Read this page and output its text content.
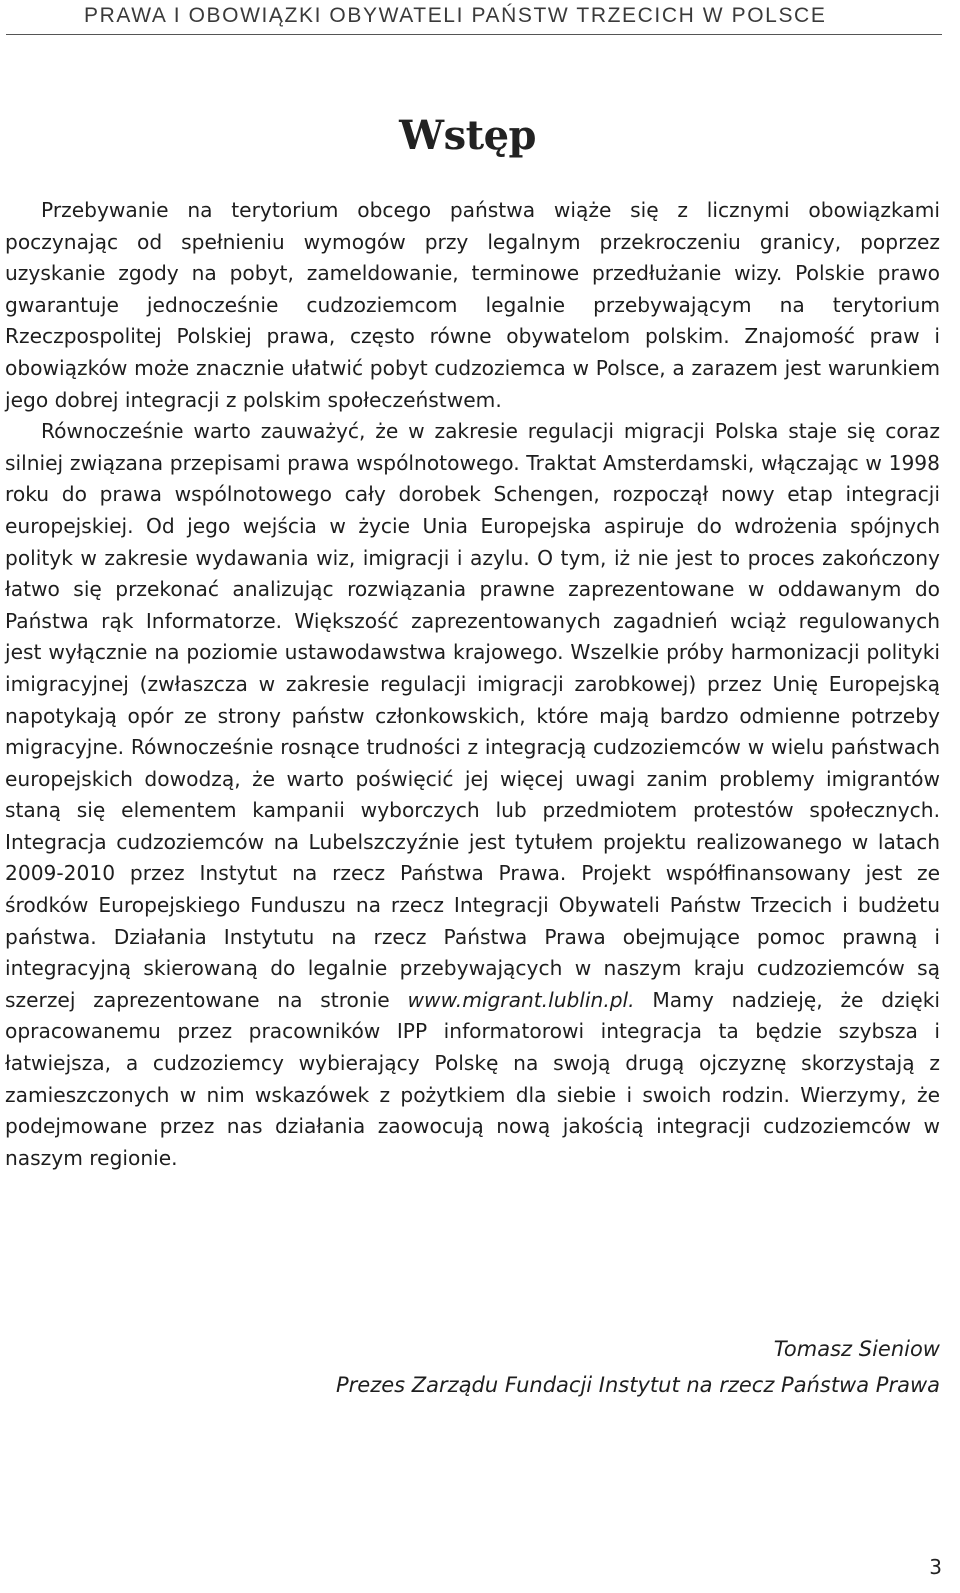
PRAWA I OBOWIĄZKI OBYWATELI PAŃSTW TRZECICH W POLSCE
Wstęp

Przebywanie na terytorium obcego państwa wiąże się z licznymi obowiązkami poczynając od spełnieniu wymogów przy legalnym przekroczeniu granicy, poprzez uzyskanie zgody na pobyt, zameldowanie, terminowe przedłużanie wizy. Polskie prawo gwarantuje jednocześnie cudzoziemcom legalnie przebywającym na terytorium Rzeczpospolitej Polskiej prawa, często równe obywatelom polskim. Znajomość praw i obowiązków może znacznie ułatwić pobyt cudzoziemca w Polsce, a zarazem jest warunkiem jego dobrej integracji z polskim społeczeństwem.

Równocześnie warto zauważyć, że w zakresie regulacji migracji Polska staje się coraz silniej związana przepisami prawa wspólnotowego. Traktat Amsterdamski, włączając w 1998 roku do prawa wspólnotowego cały dorobek Schengen, rozpoczął nowy etap integracji europejskiej. Od jego wejścia w życie Unia Europejska aspiruje do wdrożenia spójnych polityk w zakresie wydawania wiz, imigracji i azylu. O tym, iż nie jest to proces zakończony łatwo się przekonać analizując rozwiązania prawne zaprezentowane w oddawanym do Państwa rąk Informatorze. Większość zaprezentowanych zagadnień wciąż regulowanych jest wyłącznie na poziomie ustawodawstwa krajowego. Wszelkie próby harmonizacji polityki imigracyjnej (zwłaszcza w zakresie regulacji imigracji zarobkowej) przez Unię Europejską napotykają opór ze strony państw członkowskich, które mają bardzo odmienne potrzeby migracyjne. Równocześnie rosnące trudności z integracją cudzoziemców w wielu państwach europejskich dowodzą, że warto poświęcić jej więcej uwagi zanim problemy imigrantów staną się elementem kampanii wyborczych lub przedmiotem protestów społecznych. Integracja cudzoziemców na Lubelszczyźnie jest tytułem projektu realizowanego w latach 2009-2010 przez Instytut na rzecz Państwa Prawa. Projekt współfinansowany jest ze środków Europejskiego Funduszu na rzecz Integracji Obywateli Państw Trzecich i budżetu państwa. Działania Instytutu na rzecz Państwa Prawa obejmujące pomoc prawną i integracyjną skierowaną do legalnie przebywających w naszym kraju cudzoziemców są szerzej zaprezentowane na stronie www.migrant.lublin.pl. Mamy nadzieję, że dzięki opracowanemu przez pracowników IPP informatorowi integracja ta będzie szybsza i łatwiejsza, a cudzoziemcy wybierający Polskę na swoją drugą ojczyznę skorzystają z zamieszczonych w nim wskazówek z pożytkiem dla siebie i swoich rodzin. Wierzymy, że podejmowane przez nas działania zaowocują nową jakością integracji cudzoziemców w naszym regionie.

Tomasz Sieniow
Prezes Zarządu Fundacji Instytut na rzecz Państwa Prawa
3
